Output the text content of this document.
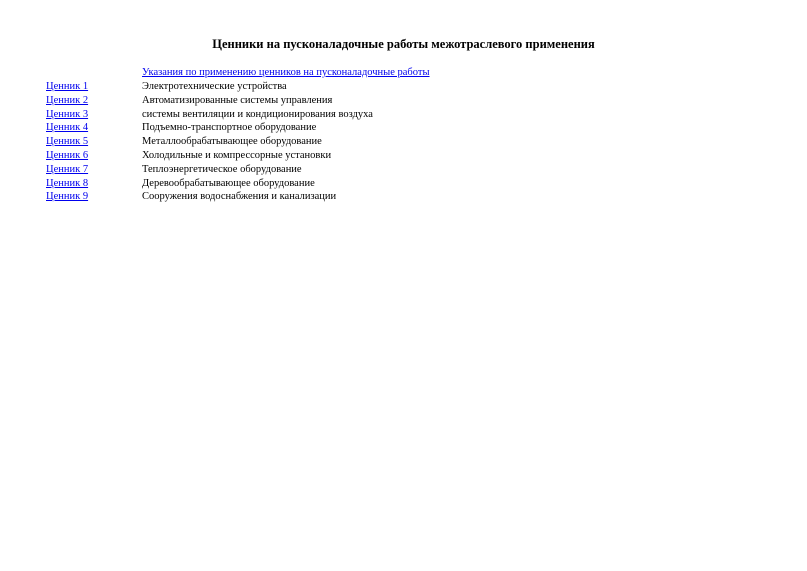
Ценники на пусконаладочные работы межотраслевого применения
Указания по применению ценников на пусконаладочные работы
Ценник 1	Электротехнические устройства
Ценник 2	Автоматизированные системы управления
Ценник 3	системы вентиляции и кондиционирования воздуха
Ценник 4	Подъемно-транспортное оборудование
Ценник 5	Металлообрабатывающее оборудование
Ценник 6	Холодильные и компрессорные установки
Ценник 7	Теплоэнергетическое оборудование
Ценник 8	Деревообрабатывающее оборудование
Ценник 9	Сооружения водоснабжения и канализации
